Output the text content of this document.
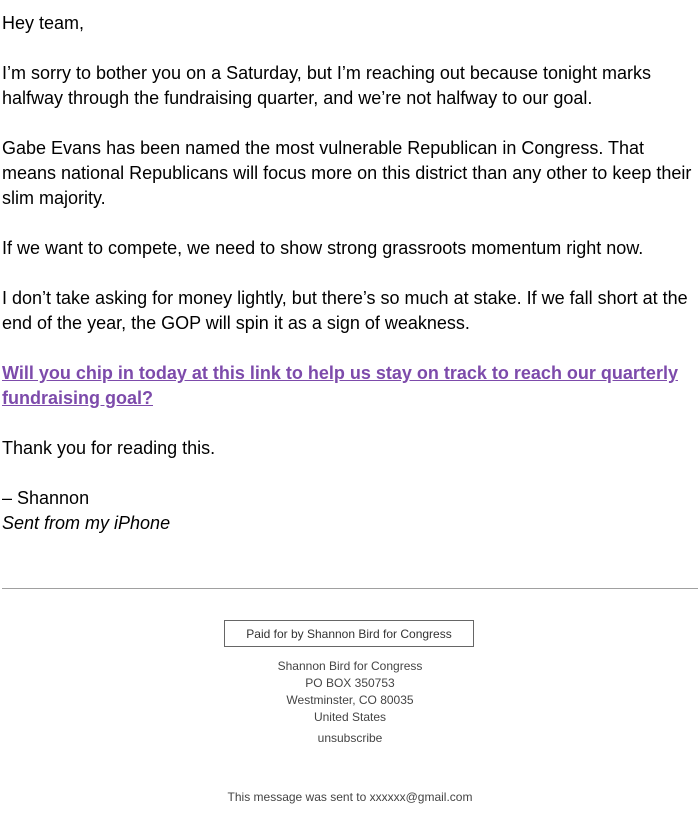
Hey team,

I’m sorry to bother you on a Saturday, but I’m reaching out because tonight marks halfway through the fundraising quarter, and we’re not halfway to our goal.

Gabe Evans has been named the most vulnerable Republican in Congress. That means national Republicans will focus more on this district than any other to keep their slim majority.

If we want to compete, we need to show strong grassroots momentum right now.

I don’t take asking for money lightly, but there’s so much at stake. If we fall short at the end of the year, the GOP will spin it as a sign of weakness.

Will you chip in today at this link to help us stay on track to reach our quarterly fundraising goal?

Thank you for reading this.

– Shannon

Sent from my iPhone

Paid for by Shannon Bird for Congress
Shannon Bird for Congress
PO BOX 350753
Westminster, CO 80035
United States
unsubscribe
This message was sent to xxxxxx@gmail.com
